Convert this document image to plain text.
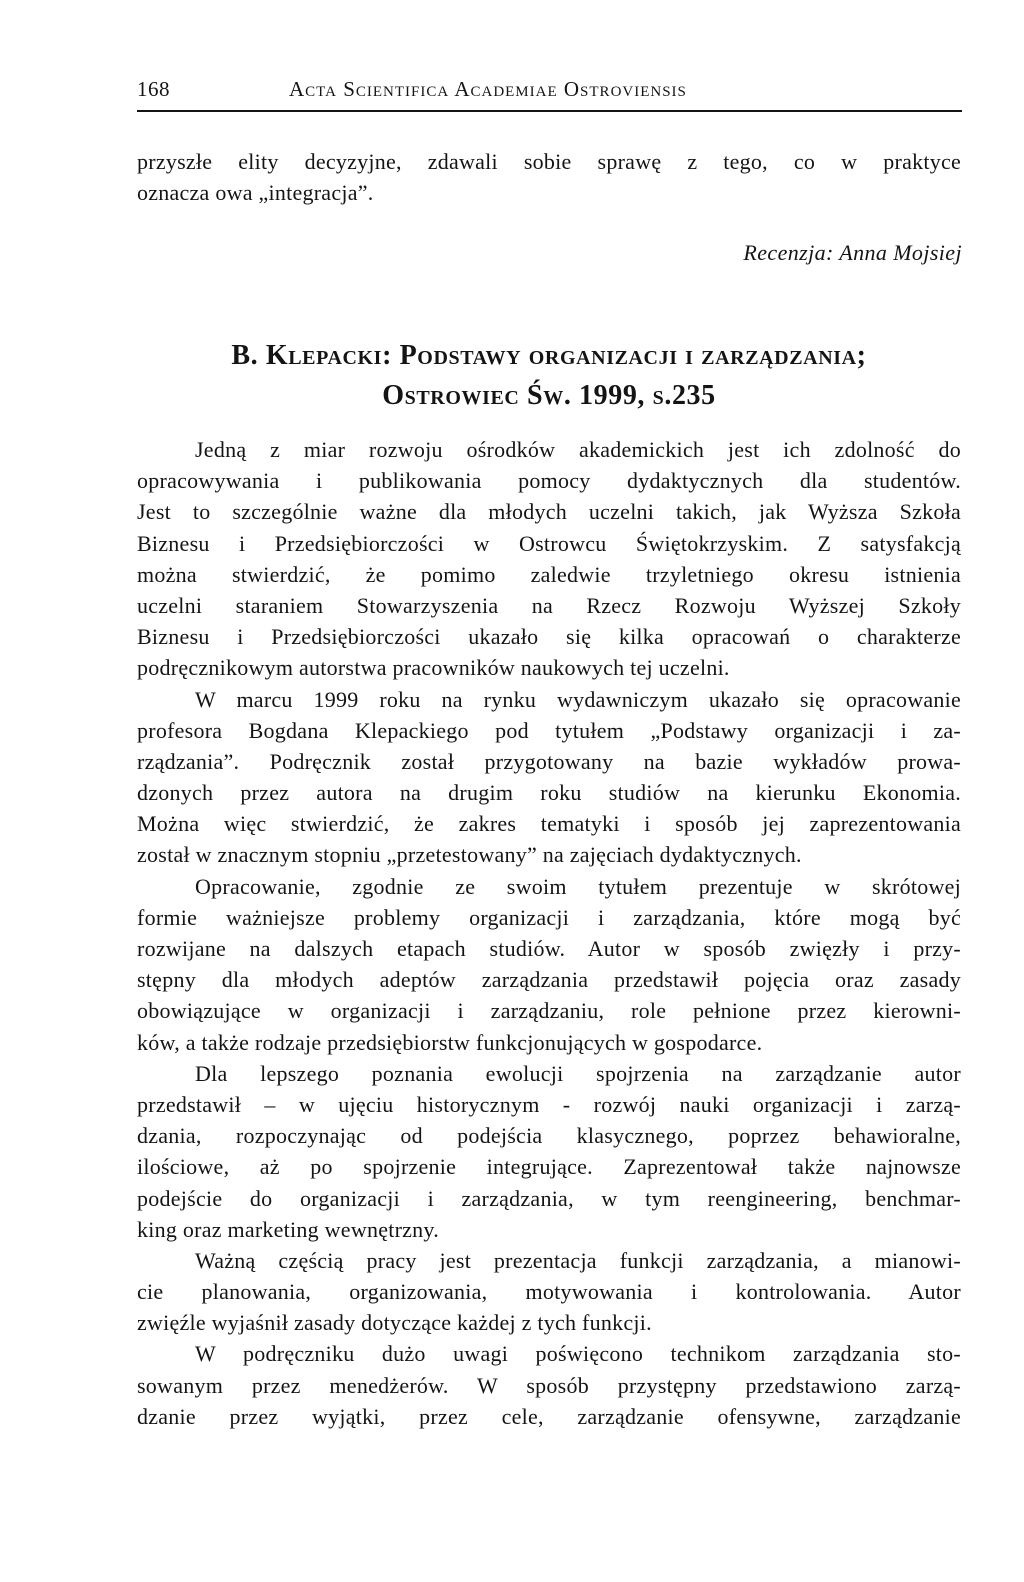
168	Acta Scientifica Academiae Ostroviensis
przyszłe elity decyzyjne, zdawali sobie sprawę z tego, co w praktyce
oznacza owa „integracja”.
Recenzja: Anna Mojsiej
B. Klepacki: Podstawy organizacji i zarządzania;
Ostrowiec Św. 1999, s.235
Jedną z miar rozwoju ośrodków akademickich jest ich zdolność do
opracowywania i publikowania pomocy dydaktycznych dla studentów.
Jest to szczególnie ważne dla młodych uczelni takich, jak Wyższa Szkoła
Biznesu i Przedsiębiorczości w Ostrowcu Świętokrzyskim. Z satysfakcją
można stwierdzić, że pomimo zaledwie trzyletniego okresu istnienia
uczelni staraniem Stowarzyszenia na Rzecz Rozwoju Wyższej Szkoły
Biznesu i Przedsiębiorczości ukazało się kilka opracowań o charakterze
podręcznikowym autorstwa pracowników naukowych tej uczelni.
W marcu 1999 roku na rynku wydawniczym ukazało się opracowanie
profesora Bogdana Klepackiego pod tytułem „Podstawy organizacji i za-
rządzania”. Podręcznik został przygotowany na bazie wykładów prowa-
dzonych przez autora na drugim roku studiów na kierunku Ekonomia.
Można więc stwierdzić, że zakres tematyki i sposób jej zaprezentowania
został w znacznym stopniu „przetestowany” na zajęciach dydaktycznych.
Opracowanie, zgodnie ze swoim tytułem prezentuje w skrótowej
formie ważniejsze problemy organizacji i zarządzania, które mogą być
rozwijane na dalszych etapach studiów. Autor w sposób zwięzły i przy-
stępny dla młodych adeptów zarządzania przedstawił pojęcia oraz zasady
obowiązujące w organizacji i zarządzaniu, role pełnione przez kierowni-
ków, a także rodzaje przedsiębiorstw funkcjonujących w gospodarce.
Dla lepszego poznania ewolucji spojrzenia na zarządzanie autor
przedstawił – w ujęciu historycznym - rozwój nauki organizacji i zarzą-
dzania, rozpoczynając od podejścia klasycznego, poprzez behawioralne,
ilościowe, aż po spojrzenie integrujące. Zaprezentował także najnowsze
podejście do organizacji i zarządzania, w tym reengineering, benchmar-
king oraz marketing wewnętrzny.
Ważną częścią pracy jest prezentacja funkcji zarządzania, a mianowi-
cie planowania, organizowania, motywowania i kontrolowania. Autor
zwięźle wyjaśnił zasady dotyczące każdej z tych funkcji.
W podręczniku dużo uwagi poświęcono technikom zarządzania sto-
sowanym przez menedżerów. W sposób przystępny przedstawiono zarzą-
dzanie przez wyjątki, przez cele, zarządzanie ofensywne, zarządzanie
